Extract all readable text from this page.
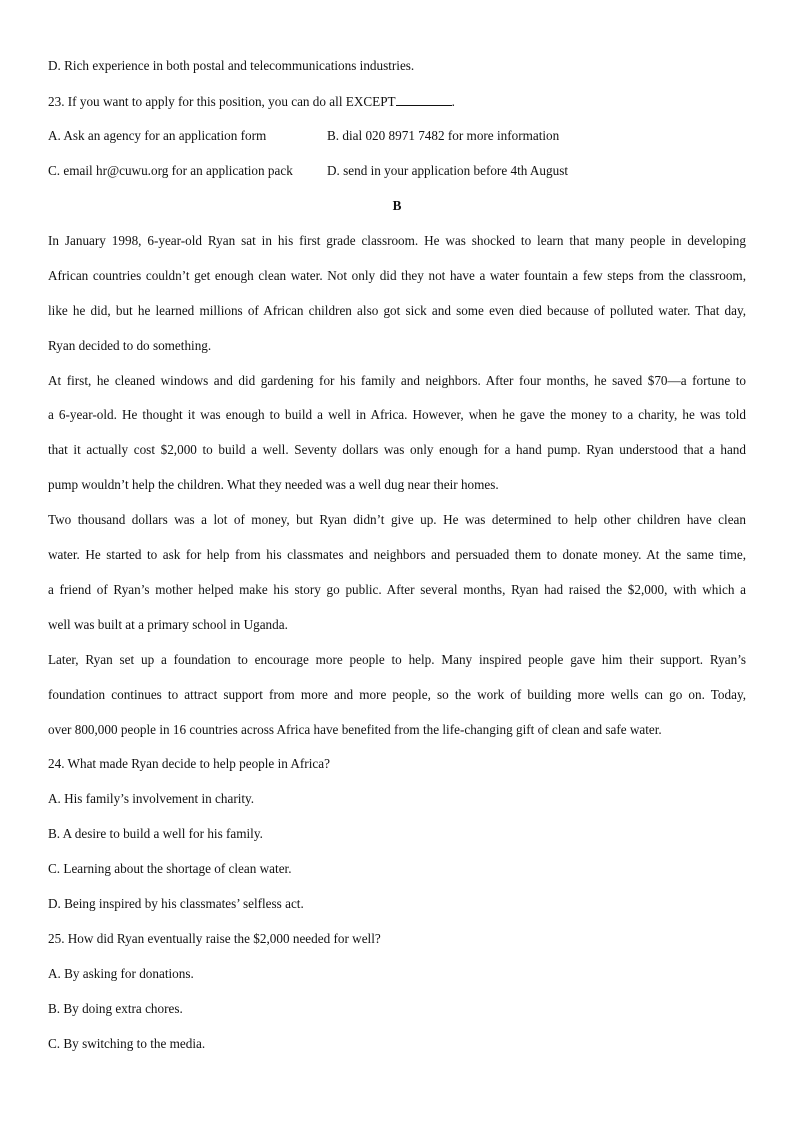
D. Rich experience in both postal and telecommunications industries.
23. If you want to apply for this position, you can do all EXCEPT	.
A. Ask an agency for an application form	B. dial 020 8971 7482 for more information
C. email hr@cuwu.org for an application pack	D. send in your application before 4th August
B
In January 1998, 6-year-old Ryan sat in his first grade classroom. He was shocked to learn that many people in developing
African countries couldn’t get enough clean water. Not only did they not have a water fountain a few steps from the classroom,
like he did, but he learned millions of African children also got sick and some even died because of polluted water. That day,
Ryan decided to do something.
At first, he cleaned windows and did gardening for his family and neighbors. After four months, he saved $70—a fortune to
a 6-year-old. He thought it was enough to build a well in Africa. However, when he gave the money to a charity, he was told
that it actually cost $2,000 to build a well. Seventy dollars was only enough for a hand pump. Ryan understood that a hand
pump wouldn’t help the children. What they needed was a well dug near their homes.
Two thousand dollars was a lot of money, but Ryan didn’t give up. He was determined to help other children have clean
water. He started to ask for help from his classmates and neighbors and persuaded them to donate money. At the same time,
a friend of Ryan’s mother helped make his story go public. After several months, Ryan had raised the $2,000, with which a
well was built at a primary school in Uganda.
Later, Ryan set up a foundation to encourage more people to help. Many inspired people gave him their support. Ryan’s
foundation continues to attract support from more and more people, so the work of building more wells can go on. Today,
over 800,000 people in 16 countries across Africa have benefited from the life-changing gift of clean and safe water.
24. What made Ryan decide to help people in Africa?
A. His family’s involvement in charity.
B. A desire to build a well for his family.
C. Learning about the shortage of clean water.
D. Being inspired by his classmates’ selfless act.
25. How did Ryan eventually raise the $2,000 needed for well?
A. By asking for donations.
B. By doing extra chores.
C. By switching to the media.
